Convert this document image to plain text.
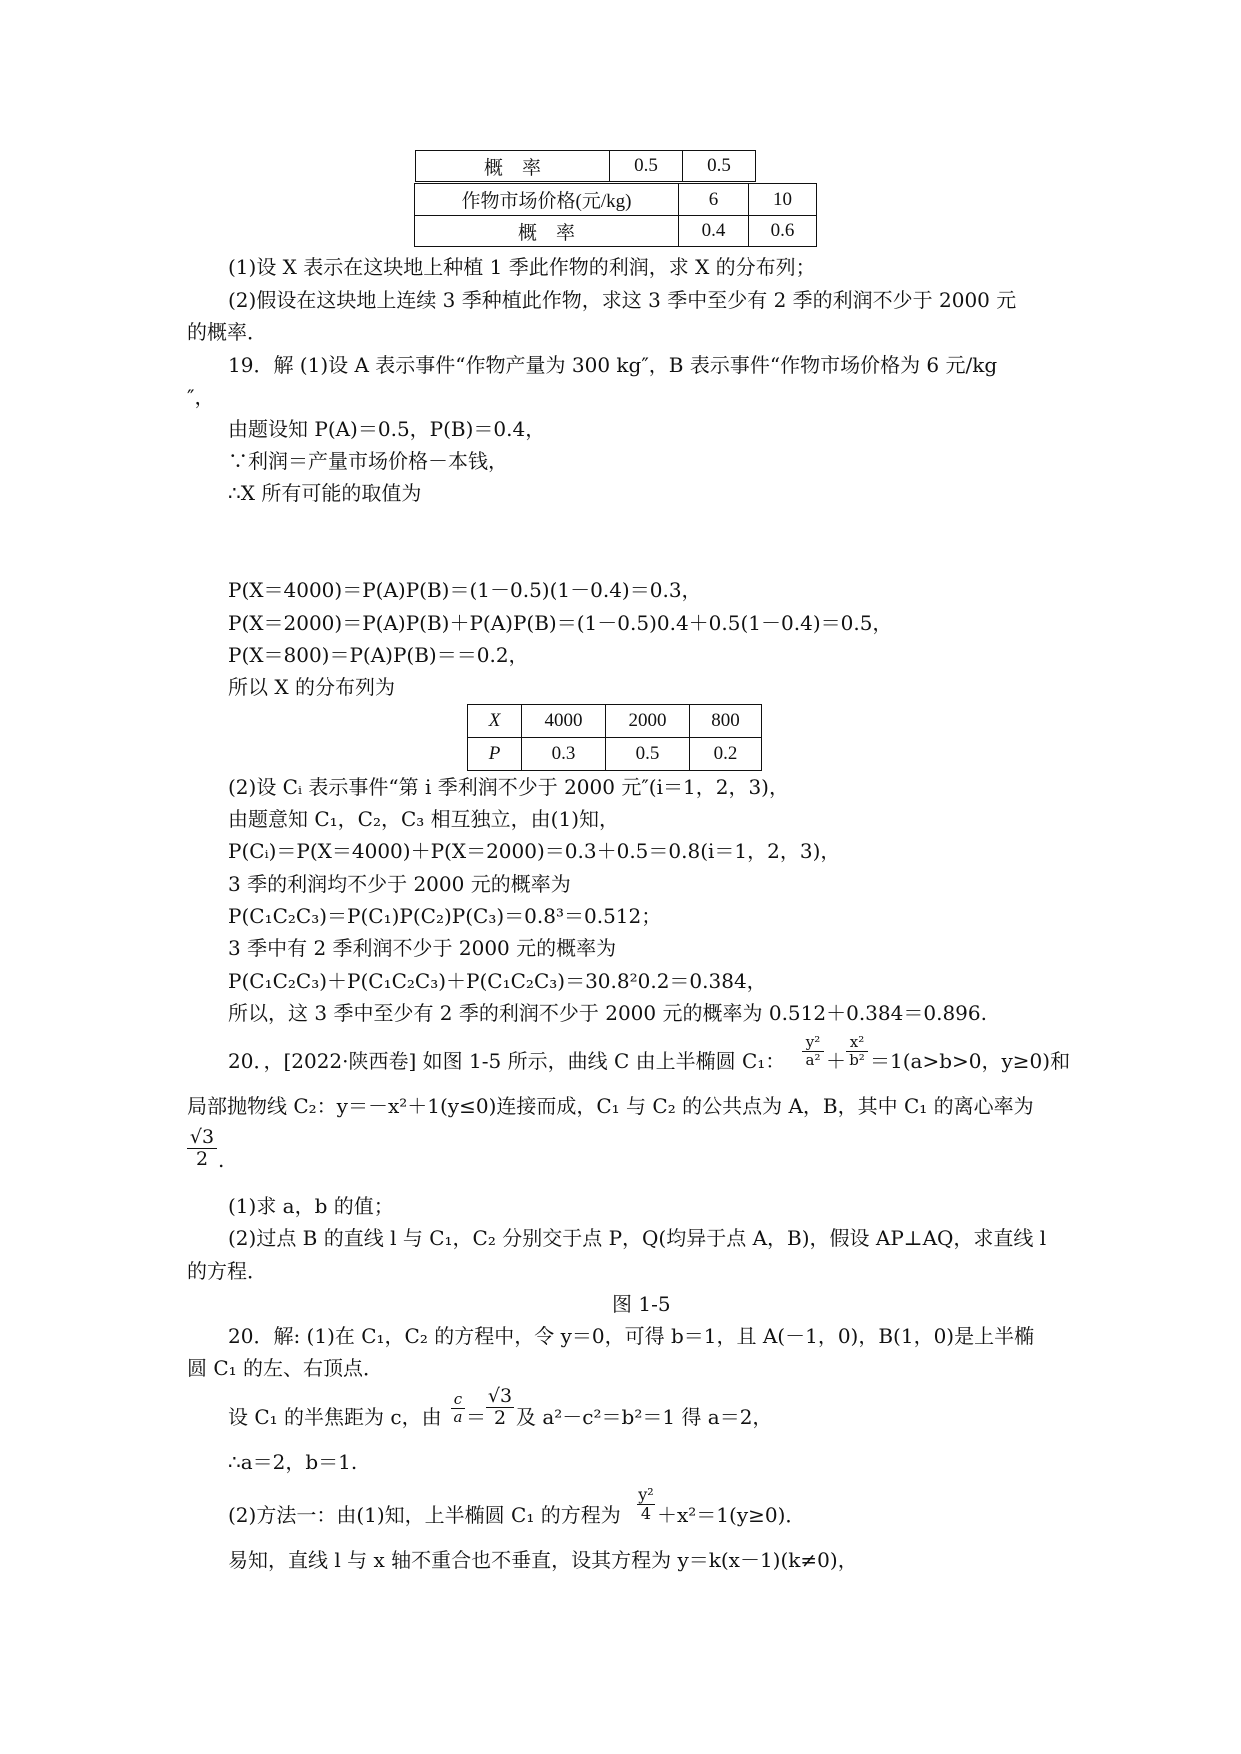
概　率	0.5	0.5
作物市场价格(元/kg)	6	10
概　率	0.4	0.6
(1)设 X 表示在这块地上种植 1 季此作物的利润，求 X 的分布列；
(2)假设在这块地上连续 3 季种植此作物，求这 3 季中至少有 2 季的利润不少于 2000 元
的概率．
19．解 (1)设 A 表示事件“作物产量为 300 kg″，B 表示事件“作物市场价格为 6 元/kg
″，
由题设知 P(A)＝0.5，P(B)＝0.4，
∵利润＝产量市场价格－本钱，
∴X 所有可能的取值为
P(X＝4000)＝P(A)P(B)＝(1－0.5)(1－0.4)＝0.3，
P(X＝2000)＝P(A)P(B)＋P(A)P(B)＝(1－0.5)0.4＋0.5(1－0.4)＝0.5，
P(X＝800)＝P(A)P(B)＝＝0.2，
所以 X 的分布列为
X	4000	2000	800
P	0.3	0.5	0.2
(2)设 Cᵢ 表示事件“第 i 季利润不少于 2000 元″(i＝1，2，3)，
由题意知 C₁，C₂，C₃ 相互独立，由(1)知，
P(Cᵢ)＝P(X＝4000)＋P(X＝2000)＝0.3＋0.5＝0.8(i＝1，2，3)，
3 季的利润均不少于 2000 元的概率为
P(C₁C₂C₃)＝P(C₁)P(C₂)P(C₃)＝0.8³＝0.512；
3 季中有 2 季利润不少于 2000 元的概率为
P(C₁C₂C₃)＋P(C₁C₂C₃)＋P(C₁C₂C₃)＝30.8²0.2＝0.384，
所以，这 3 季中至少有 2 季的利润不少于 2000 元的概率为 0.512＋0.384＝0.896.
20．，[2022·陕西卷] 如图 1-5 所示，曲线 C 由上半椭圆 C₁：
y²
a² ＋
x²
b² ＝1(a>b>0，y≥0)和
局部抛物线 C₂：y＝－x²＋1(y≤0)连接而成，C₁ 与 C₂ 的公共点为 A，B，其中 C₁ 的离心率为
√3
2 .
(1)求 a，b 的值；
(2)过点 B 的直线 l 与 C₁，C₂ 分别交于点 P，Q(均异于点 A，B)，假设 AP⊥AQ，求直线 l
的方程．
图 1-5
20．解: (1)在 C₁，C₂ 的方程中，令 y＝0，可得 b＝1，且 A(－1，0)，B(1，0)是上半椭
圆 C₁ 的左、右顶点．
设 C₁ 的半焦距为 c，由
c
a ＝
√3
2 及 a²－c²＝b²＝1 得 a＝2，
∴a＝2，b＝1.
(2)方法一：由(1)知，上半椭圆 C₁ 的方程为
y²
4 ＋x²＝1(y≥0)．
易知，直线 l 与 x 轴不重合也不垂直，设其方程为 y＝k(x－1)(k≠0)，
